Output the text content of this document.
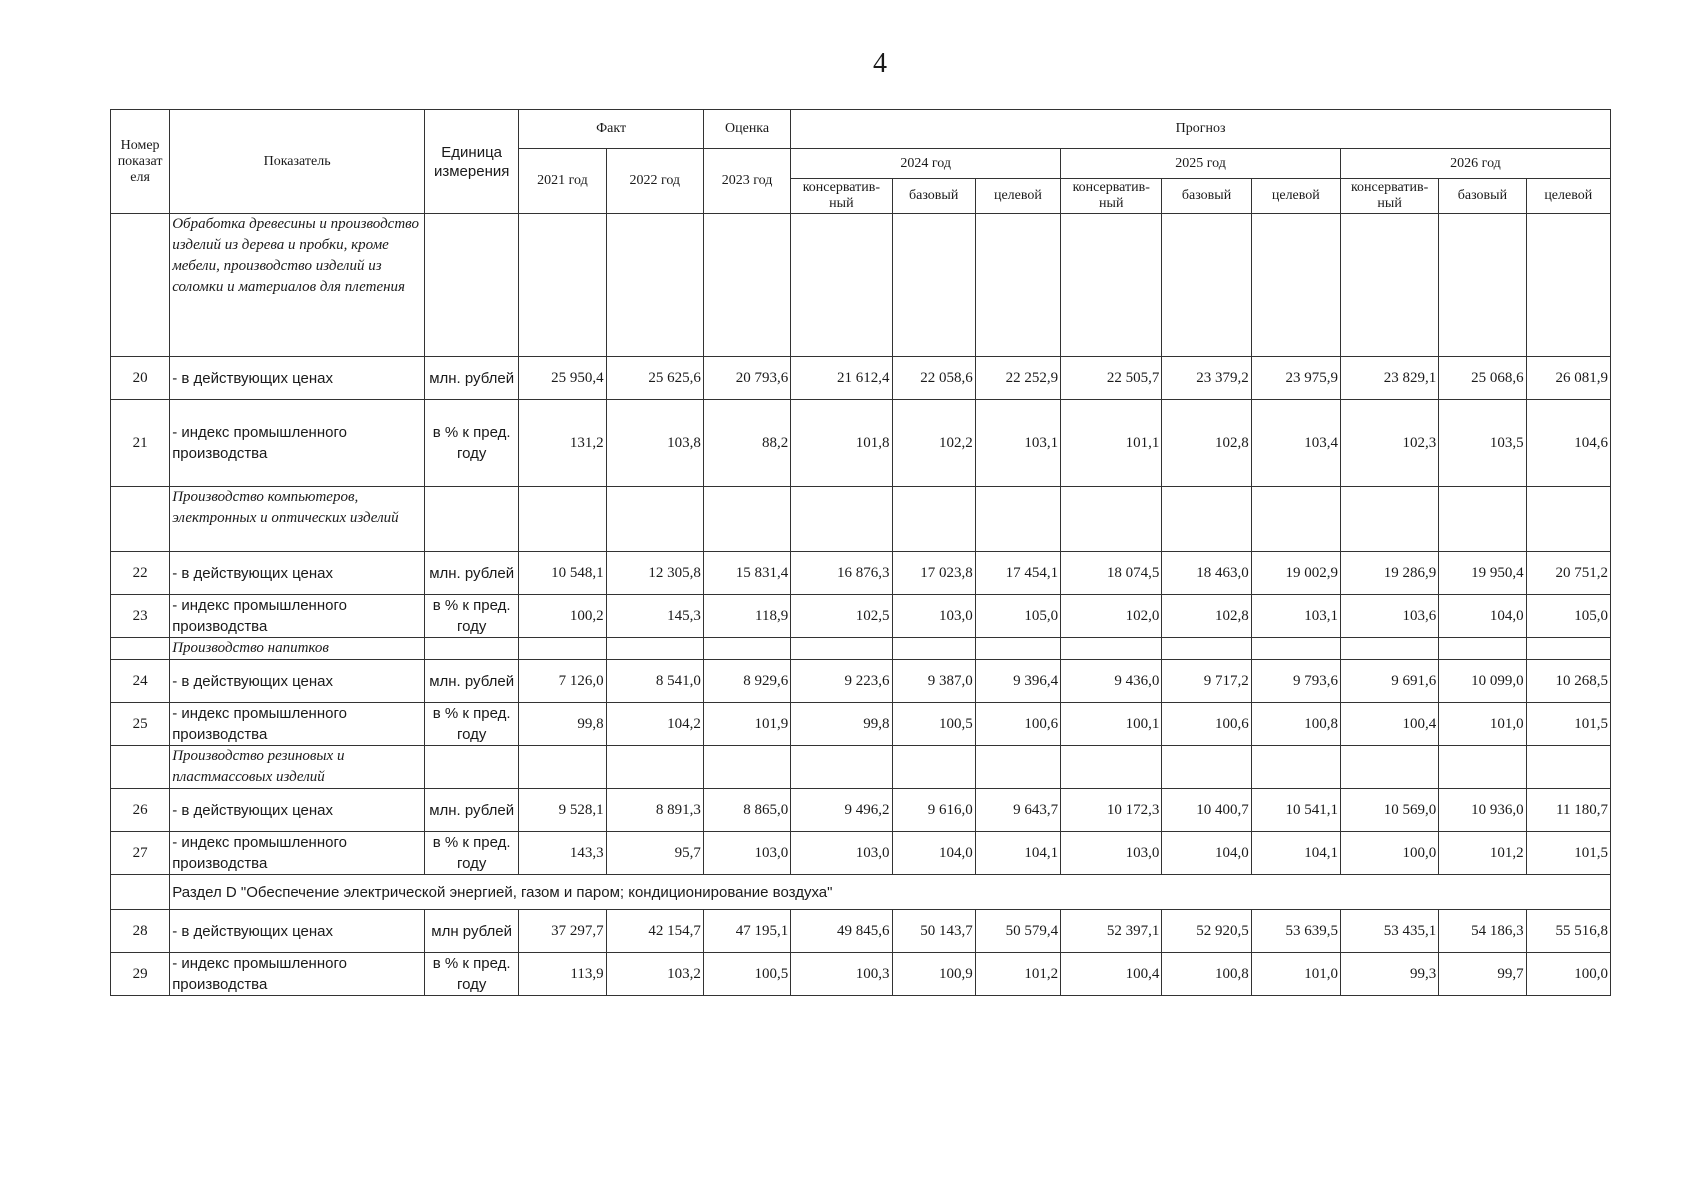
4
Номер показат еля	Показатель	Единица измерения	Факт		Оценка	Прогноз								
			2021 год	2022 год	2023 год	2024 год			2025 год			2026 год		
						консерватив-ный	базовый	целевой	консерватив-ный	базовый	целевой	консерватив-ный	базовый	целевой
	Обработка древесины и производство изделий из дерева и пробки, кроме мебели, производство изделий из соломки и материалов для плетения													
20	- в действующих ценах	млн. рублей	25 950,4	25 625,6	20 793,6	21 612,4	22 058,6	22 252,9	22 505,7	23 379,2	23 975,9	23 829,1	25 068,6	26 081,9
21	- индекс промышленного производства	в % к пред. году	131,2	103,8	88,2	101,8	102,2	103,1	101,1	102,8	103,4	102,3	103,5	104,6
	Производство компьютеров, электронных и оптических изделий													
22	- в действующих ценах	млн. рублей	10 548,1	12 305,8	15 831,4	16 876,3	17 023,8	17 454,1	18 074,5	18 463,0	19 002,9	19 286,9	19 950,4	20 751,2
23	- индекс промышленного производства	в % к пред. году	100,2	145,3	118,9	102,5	103,0	105,0	102,0	102,8	103,1	103,6	104,0	105,0
	Производство напитков													
24	- в действующих ценах	млн. рублей	7 126,0	8 541,0	8 929,6	9 223,6	9 387,0	9 396,4	9 436,0	9 717,2	9 793,6	9 691,6	10 099,0	10 268,5
25	- индекс промышленного производства	в % к пред. году	99,8	104,2	101,9	99,8	100,5	100,6	100,1	100,6	100,8	100,4	101,0	101,5
	Производство резиновых и пластмассовых изделий													
26	- в действующих ценах	млн. рублей	9 528,1	8 891,3	8 865,0	9 496,2	9 616,0	9 643,7	10 172,3	10 400,7	10 541,1	10 569,0	10 936,0	11 180,7
27	- индекс промышленного производства	в % к пред. году	143,3	95,7	103,0	103,0	104,0	104,1	103,0	104,0	104,1	100,0	101,2	101,5
	Раздел D "Обеспечение электрической энергией, газом и паром; кондиционирование воздуха"													
28	- в действующих ценах	млн рублей	37 297,7	42 154,7	47 195,1	49 845,6	50 143,7	50 579,4	52 397,1	52 920,5	53 639,5	53 435,1	54 186,3	55 516,8
29	- индекс промышленного производства	в % к пред. году	113,9	103,2	100,5	100,3	100,9	101,2	100,4	100,8	101,0	99,3	99,7	100,0
